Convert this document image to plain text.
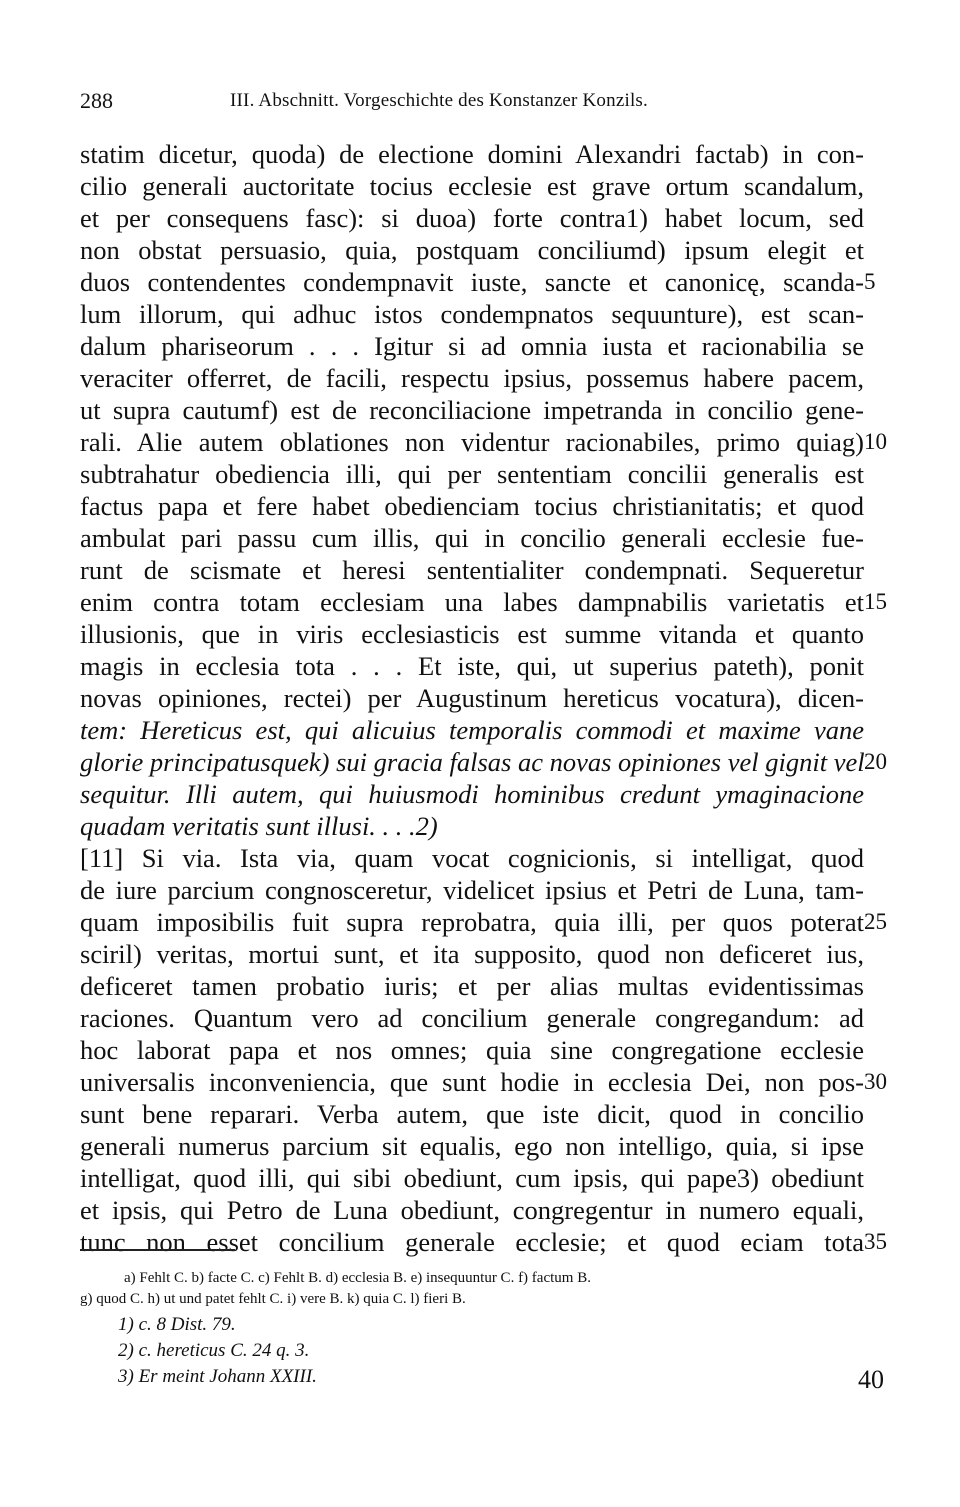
288	III. Abschnitt. Vorgeschichte des Konstanzer Konzils.
statim dicetur, quoda) de electione domini Alexandri factab) in con-
cilio generali auctoritate tocius ecclesie est grave ortum scandalum,
et per consequens fasc): si duoa) forte contra1) habet locum, sed
non obstat persuasio, quia, postquam conciliumd) ipsum elegit et
duos contendentes condempnavit iuste, sancte et canonicę, scanda-
lum illorum, qui adhuc istos condempnatos sequunture), est scan-
dalum phariseorum . . . Igitur si ad omnia iusta et racionabilia se
veraciter offerret, de facili, respectu ipsius, possemus habere pacem,
ut supra cautumf) est de reconciliacione impetranda in concilio gene-
rali. Alie autem oblationes non videntur racionabiles, primo quiag)
subtrahatur obediencia illi, qui per sententiam concilii generalis est
factus papa et fere habet obedienciam tocius christianitatis; et quod
ambulat pari passu cum illis, qui in concilio generali ecclesie fue-
runt de scismate et heresi sententialiter condempnati. Sequeretur
enim contra totam ecclesiam una labes dampnabilis varietatis et
illusionis, que in viris ecclesiasticis est summe vitanda et quanto
magis in ecclesia tota . . . Et iste, qui, ut superius pateth), ponit
novas opiniones, rectei) per Augustinum hereticus vocatura), dicen-
tem: Hereticus est, qui alicuius temporalis commodi et maxime vane
glorie principatusquek) sui gracia falsas ac novas opiniones vel gignit vel
sequitur. Illi autem, qui huiusmodi hominibus credunt ymaginacione
quadam veritatis sunt illusi. . . .2)
[11] Si via. Ista via, quam vocat cognicionis, si intelligat, quod
de iure parcium congnosceretur, videlicet ipsius et Petri de Luna, tam-
quam imposibilis fuit supra reprobatra, quia illi, per quos poterat
sciril) veritas, mortui sunt, et ita supposito, quod non deficeret ius,
deficeret tamen probatio iuris; et per alias multas evidentissimas
raciones. Quantum vero ad concilium generale congregandum: ad
hoc laborat papa et nos omnes; quia sine congregatione ecclesie
universalis inconveniencia, que sunt hodie in ecclesia Dei, non pos-
sunt bene reparari. Verba autem, que iste dicit, quod in concilio
generali numerus parcium sit equalis, ego non intelligo, quia, si ipse
intelligat, quod illi, qui sibi obediunt, cum ipsis, qui pape3) obediunt
et ipsis, qui Petro de Luna obediunt, congregentur in numero equali,
tunc non esset concilium generale ecclesie; et quod eciam tota
5
10
15
20
25
30
35
a) Fehlt C. b) facte C. c) Fehlt B. d) ecclesia B. e) insequuntur C. f) factum B.
g) quod C. h) ut und patet fehlt C. i) vere B. k) quia C. l) fieri B.
1) c. 8 Dist. 79.
2) c. hereticus C. 24 q. 3.
3) Er meint Johann XXIII.	40
